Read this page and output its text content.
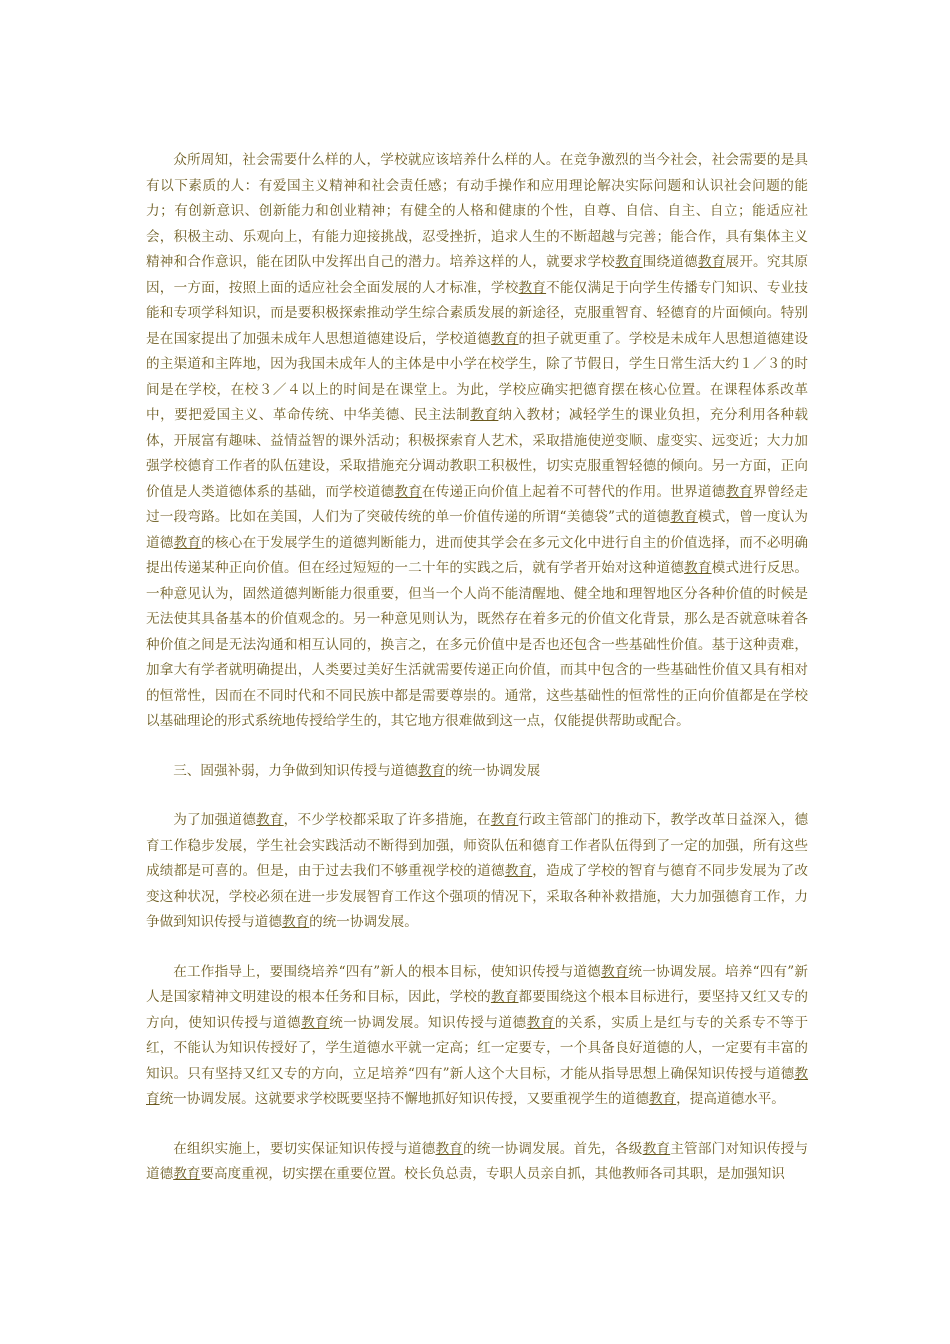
众所周知，社会需要什么样的人，学校就应该培养什么样的人。在竞争激烈的当今社会，社会需要的是具有以下素质的人：有爱国主义精神和社会责任感；有动手操作和应用理论解决实际问题和认识社会问题的能力；有创新意识、创新能力和创业精神；有健全的人格和健康的个性，自尊、自信、自主、自立；能适应社会，积极主动、乐观向上，有能力迎接挑战，忍受挫折，追求人生的不断超越与完善；能合作，具有集体主义精神和合作意识，能在团队中发挥出自己的潜力。培养这样的人，就要求学校教育围绕道德教育展开。究其原因，一方面，按照上面的适应社会全面发展的人才标准，学校教育不能仅满足于向学生传播专门知识、专业技能和专项学科知识，而是要积极探索推动学生综合素质发展的新途径，克服重智育、轻德育的片面倾向。特别是在国家提出了加强未成年人思想道德建设后，学校道德教育的担子就更重了。学校是未成年人思想道德建设的主渠道和主阵地，因为我国未成年人的主体是中小学在校学生，除了节假日，学生日常生活大约１／３的时间是在学校，在校３／４以上的时间是在课堂上。为此，学校应确实把德育摆在核心位置。在课程体系改革中，要把爱国主义、革命传统、中华美德、民主法制教育纳入教材；减轻学生的课业负担，充分利用各种载体，开展富有趣味、益情益智的课外活动；积极探索育人艺术，采取措施使逆变顺、虚变实、远变近；大力加强学校德育工作者的队伍建设，采取措施充分调动教职工积极性，切实克服重智轻德的倾向。另一方面，正向价值是人类道德体系的基础，而学校道德教育在传递正向价值上起着不可替代的作用。世界道德教育界曾经走过一段弯路。比如在美国，人们为了突破传统的单一价值传递的所谓“美德袋”式的道德教育模式，曾一度认为道德教育的核心在于发展学生的道德判断能力，进而使其学会在多元文化中进行自主的价值选择，而不必明确提出传递某种正向价值。但在经过短短的一二十年的实践之后，就有学者开始对这种道德教育模式进行反思。一种意见认为，固然道德判断能力很重要，但当一个人尚不能清醒地、健全地和理智地区分各种价值的时候是无法使其具备基本的价值观念的。另一种意见则认为，既然存在着多元的价值文化背景，那么是否就意味着各种价值之间是无法沟通和相互认同的，换言之，在多元价值中是否也还包含一些基础性价值。基于这种责难，加拿大有学者就明确提出，人类要过美好生活就需要传递正向价值，而其中包含的一些基础性价值又具有相对的恒常性，因而在不同时代和不同民族中都是需要尊崇的。通常，这些基础性的恒常性的正向价值都是在学校以基础理论的形式系统地传授给学生的，其它地方很难做到这一点，仅能提供帮助或配合。

三、固强补弱，力争做到知识传授与道德教育的统一协调发展

为了加强道德教育，不少学校都采取了许多措施，在教育行政主管部门的推动下，教学改革日益深入，德育工作稳步发展，学生社会实践活动不断得到加强，师资队伍和德育工作者队伍得到了一定的加强，所有这些成绩都是可喜的。但是，由于过去我们不够重视学校的道德教育，造成了学校的智育与德育不同步发展为了改变这种状况，学校必须在进一步发展智育工作这个强项的情况下，采取各种补救措施，大力加强德育工作，力争做到知识传授与道德教育的统一协调发展。

在工作指导上，要围绕培养“四有”新人的根本目标，使知识传授与道德教育统一协调发展。培养“四有”新人是国家精神文明建设的根本任务和目标，因此，学校的教育都要围绕这个根本目标进行，要坚持又红又专的方向，使知识传授与道德教育统一协调发展。知识传授与道德教育的关系，实质上是红与专的关系专不等于红，不能认为知识传授好了，学生道德水平就一定高；红一定要专，一个具备良好道德的人，一定要有丰富的知识。只有坚持又红又专的方向，立足培养“四有”新人这个大目标，才能从指导思想上确保知识传授与道德教育统一协调发展。这就要求学校既要坚持不懈地抓好知识传授，又要重视学生的道德教育，提高道德水平。

在组织实施上，要切实保证知识传授与道德教育的统一协调发展。首先，各级教育主管部门对知识传授与道德教育要高度重视，切实摆在重要位置。校长负总责，专职人员亲自抓，其他教师各司其职，是加强知识
